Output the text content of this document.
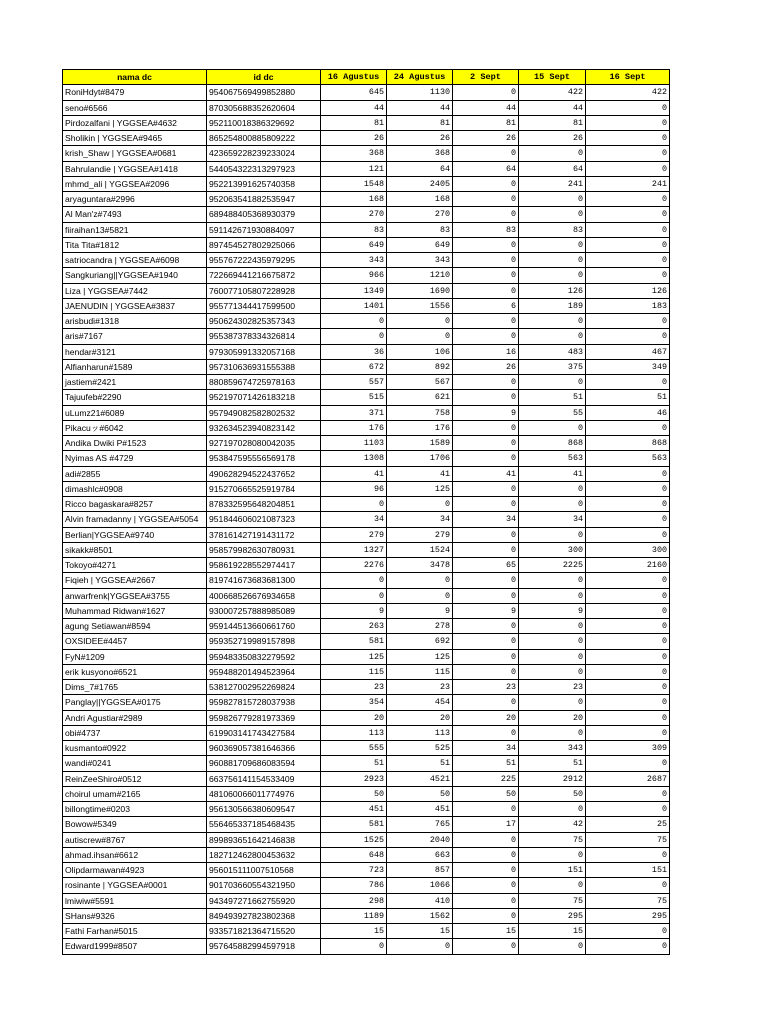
nama dc	id dc	16 Agustus	24 Agustus	2 Sept	15 Sept	16 Sept
RoniHdyt#8479	954067569499852880	645	1130	0	422	422
seno#6566	870305688352620604	44	44	44	44	0
Pirdozalfani | YGGSEA#4632	952110018386329692	81	81	81	81	0
Sholikin | YGGSEA#9465	865254800885809222	26	26	26	26	0
krish_Shaw | YGGSEA#0681	423659228239233024	368	368	0	0	0
Bahrulandie | YGGSEA#1418	544054322313297923	121	64	64	64	0
mhmd_ali | YGGSEA#2096	952213991625740358	1548	2405	0	241	241
aryaguntara#2996	952063541882535947	168	168	0	0	0
Al Man'z#7493	689488405368930379	270	270	0	0	0
fiiraihan13#5821	591142671930884097	83	83	83	83	0
Tita Tita#1812	897454527802925066	649	649	0	0	0
satriocandra | YGGSEA#6098	955767222435979295	343	343	0	0	0
Sangkuriang||YGGSEA#1940	722669441216675872	966	1210	0	0	0
Liza | YGGSEA#7442	760077105807228928	1349	1690	0	126	126
JAENUDIN | YGGSEA#3837	955771344417599500	1401	1556	6	189	183
arisbudi#1318	950624302825357343	0	0	0	0	0
aris#7167	955387378334326814	0	0	0	0	0
hendar#3121	979305991332057168	36	106	16	483	467
Alfianharun#1589	957310636931555388	672	892	26	375	349
jastiem#2421	880859674725978163	557	567	0	0	0
Tajuufeb#2290	952197071426183218	515	621	0	51	51
uLumz21#6089	957949082582802532	371	758	9	55	46
Pikacuッ#6042	932634523940823142	176	176	0	0	0
Andika Dwiki P#1523	927197028080042035	1103	1589	0	868	868
Nyimas AS #4729	953847595556569178	1308	1706	0	563	563
adi#2855	490628294522437652	41	41	41	41	0
dimashlc#0908	915270665525919784	96	125	0	0	0
Ricco bagaskara#8257	878332595648204851	0	0	0	0	0
Alvin framadanny | YGGSEA#5054	951844606021087323	34	34	34	34	0
Berlian|YGGSEA#9740	378161427191431172	279	279	0	0	0
sikakk#8501	958579982630780931	1327	1524	0	300	300
Tokoyo#4271	958619228552974417	2276	3478	65	2225	2160
Fiqieh | YGGSEA#2667	819741673683681300	0	0	0	0	0
anwarfrenk|YGGSEA#3755	400668526676934658	0	0	0	0	0
Muhammad Ridwan#1627	930007257888985089	9	9	9	9	0
agung Setiawan#8594	959144513660661760	263	278	0	0	0
OXSIDEE#4457	959352719989157898	581	692	0	0	0
FyN#1209	959483350832279592	125	125	0	0	0
erik kusyono#6521	959488201494523964	115	115	0	0	0
Dims_7#1765	538127002952269824	23	23	23	23	0
Panglay||YGGSEA#0175	959827815728037938	354	454	0	0	0
Andri Agustiar#2989	959826779281973369	20	20	20	20	0
obi#4737	619903141743427584	113	113	0	0	0
kusmanto#0922	960369057381646366	555	525	34	343	309
wandi#0241	960881709686083594	51	51	51	51	0
ReinZeeShiro#0512	663756141154533409	2923	4521	225	2912	2687
choirul umam#2165	481060066011774976	50	50	50	50	0
billongtime#0203	956130566380609547	451	451	0	0	0
Bowow#5349	556465337185468435	581	765	17	42	25
autiscrew#8767	899893651642146838	1525	2040	0	75	75
ahmad.ihsan#6612	182712462800453632	648	663	0	0	0
Olipdarmawan#4923	956015111007510568	723	857	0	151	151
rosinante | YGGSEA#0001	901703660554321950	786	1066	0	0	0
lmiwiw#5591	943497271662755920	298	410	0	75	75
SHans#9326	849493927823802368	1189	1562	0	295	295
Fathi Farhan#5015	933571821364715520	15	15	15	15	0
Edward1999#8507	957645882994597918	0	0	0	0	0
